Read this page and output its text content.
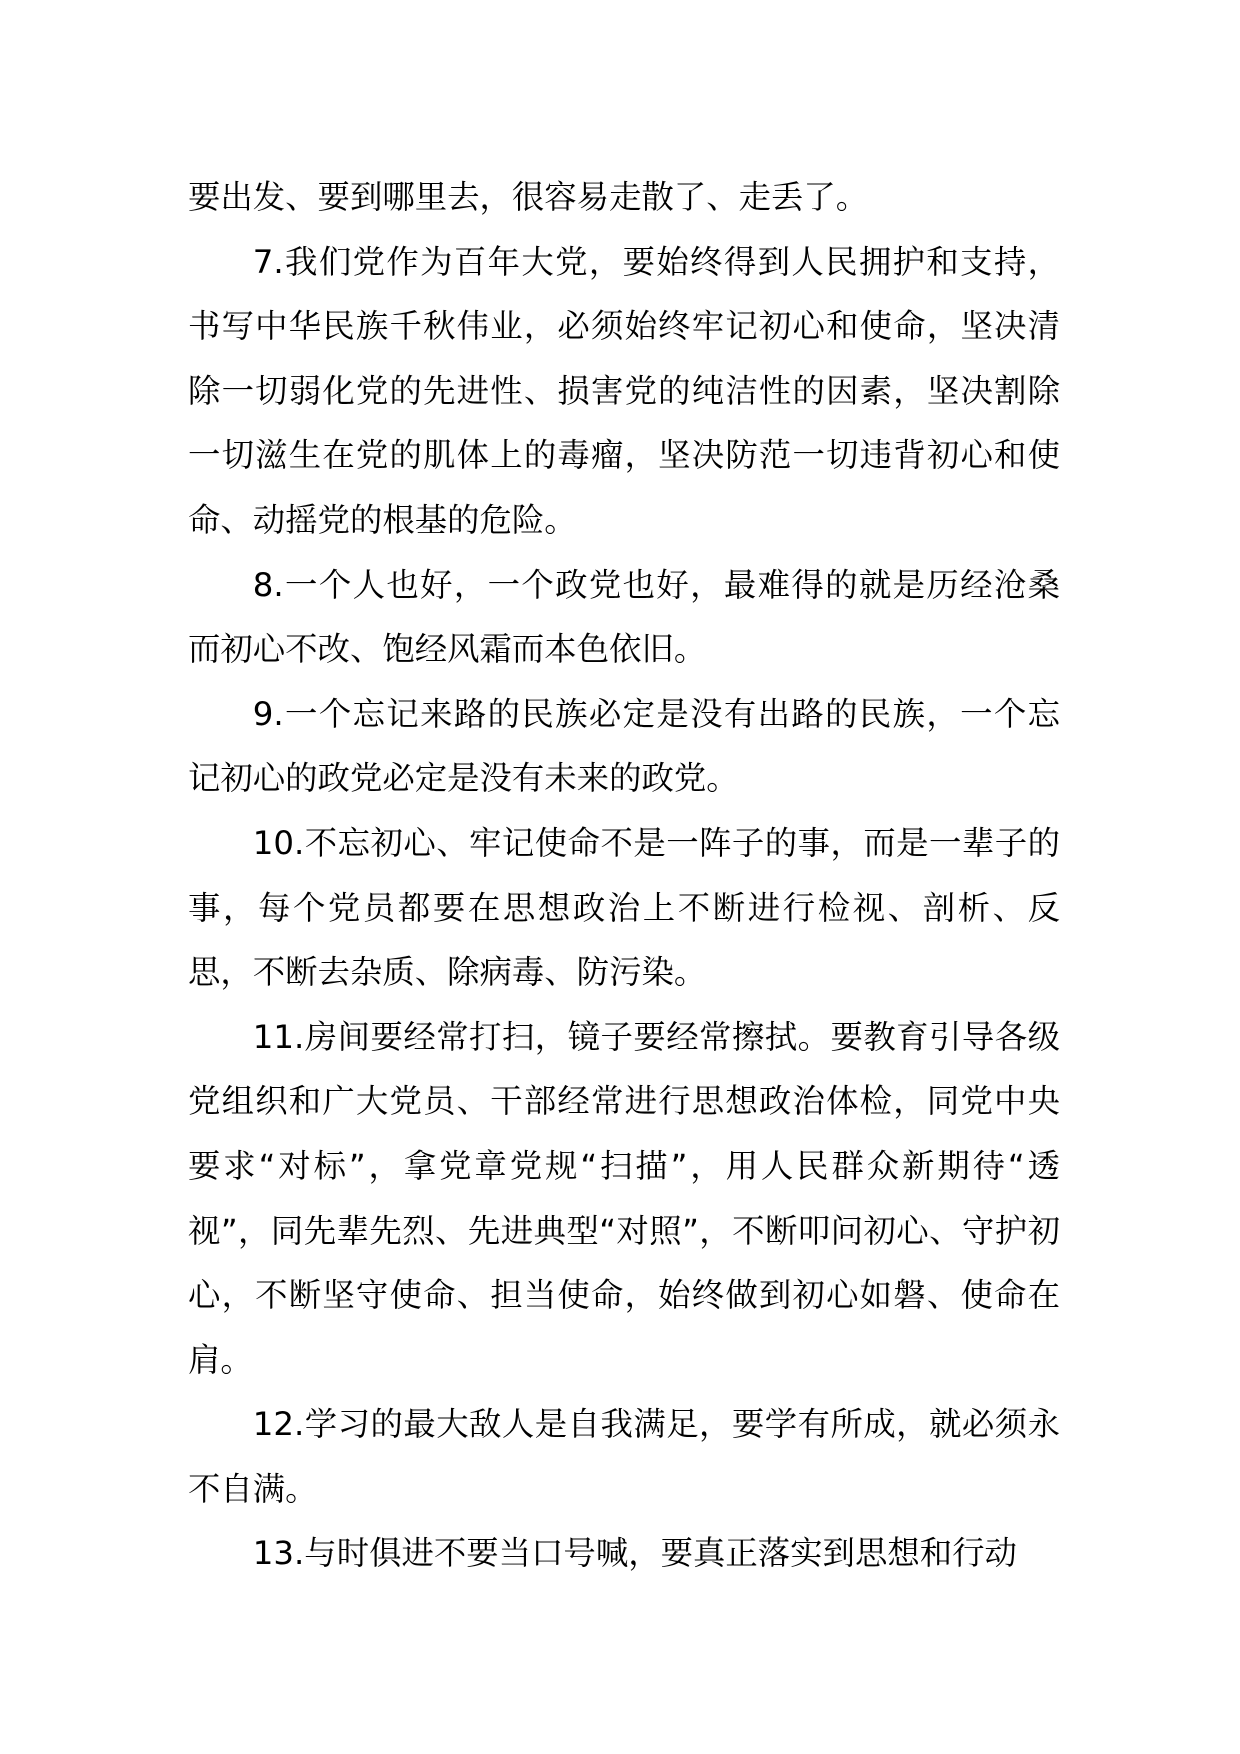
要出发、要到哪里去，很容易走散了、走丢了。

7.我们党作为百年大党，要始终得到人民拥护和支持，书写中华民族千秋伟业，必须始终牢记初心和使命，坚决清除一切弱化党的先进性、损害党的纯洁性的因素，坚决割除一切滋生在党的肌体上的毒瘤，坚决防范一切违背初心和使命、动摇党的根基的危险。

8.一个人也好，一个政党也好，最难得的就是历经沧桑而初心不改、饱经风霜而本色依旧。

9.一个忘记来路的民族必定是没有出路的民族，一个忘记初心的政党必定是没有未来的政党。

10.不忘初心、牢记使命不是一阵子的事，而是一辈子的事，每个党员都要在思想政治上不断进行检视、剖析、反思，不断去杂质、除病毒、防污染。

11.房间要经常打扫，镜子要经常擦拭。要教育引导各级党组织和广大党员、干部经常进行思想政治体检，同党中央要求“对标”，拿党章党规“扫描”，用人民群众新期待“透视”，同先辈先烈、先进典型“对照”，不断叩问初心、守护初心，不断坚守使命、担当使命，始终做到初心如磐、使命在肩。

12.学习的最大敌人是自我满足，要学有所成，就必须永不自满。

13.与时俱进不要当口号喊，要真正落实到思想和行动
